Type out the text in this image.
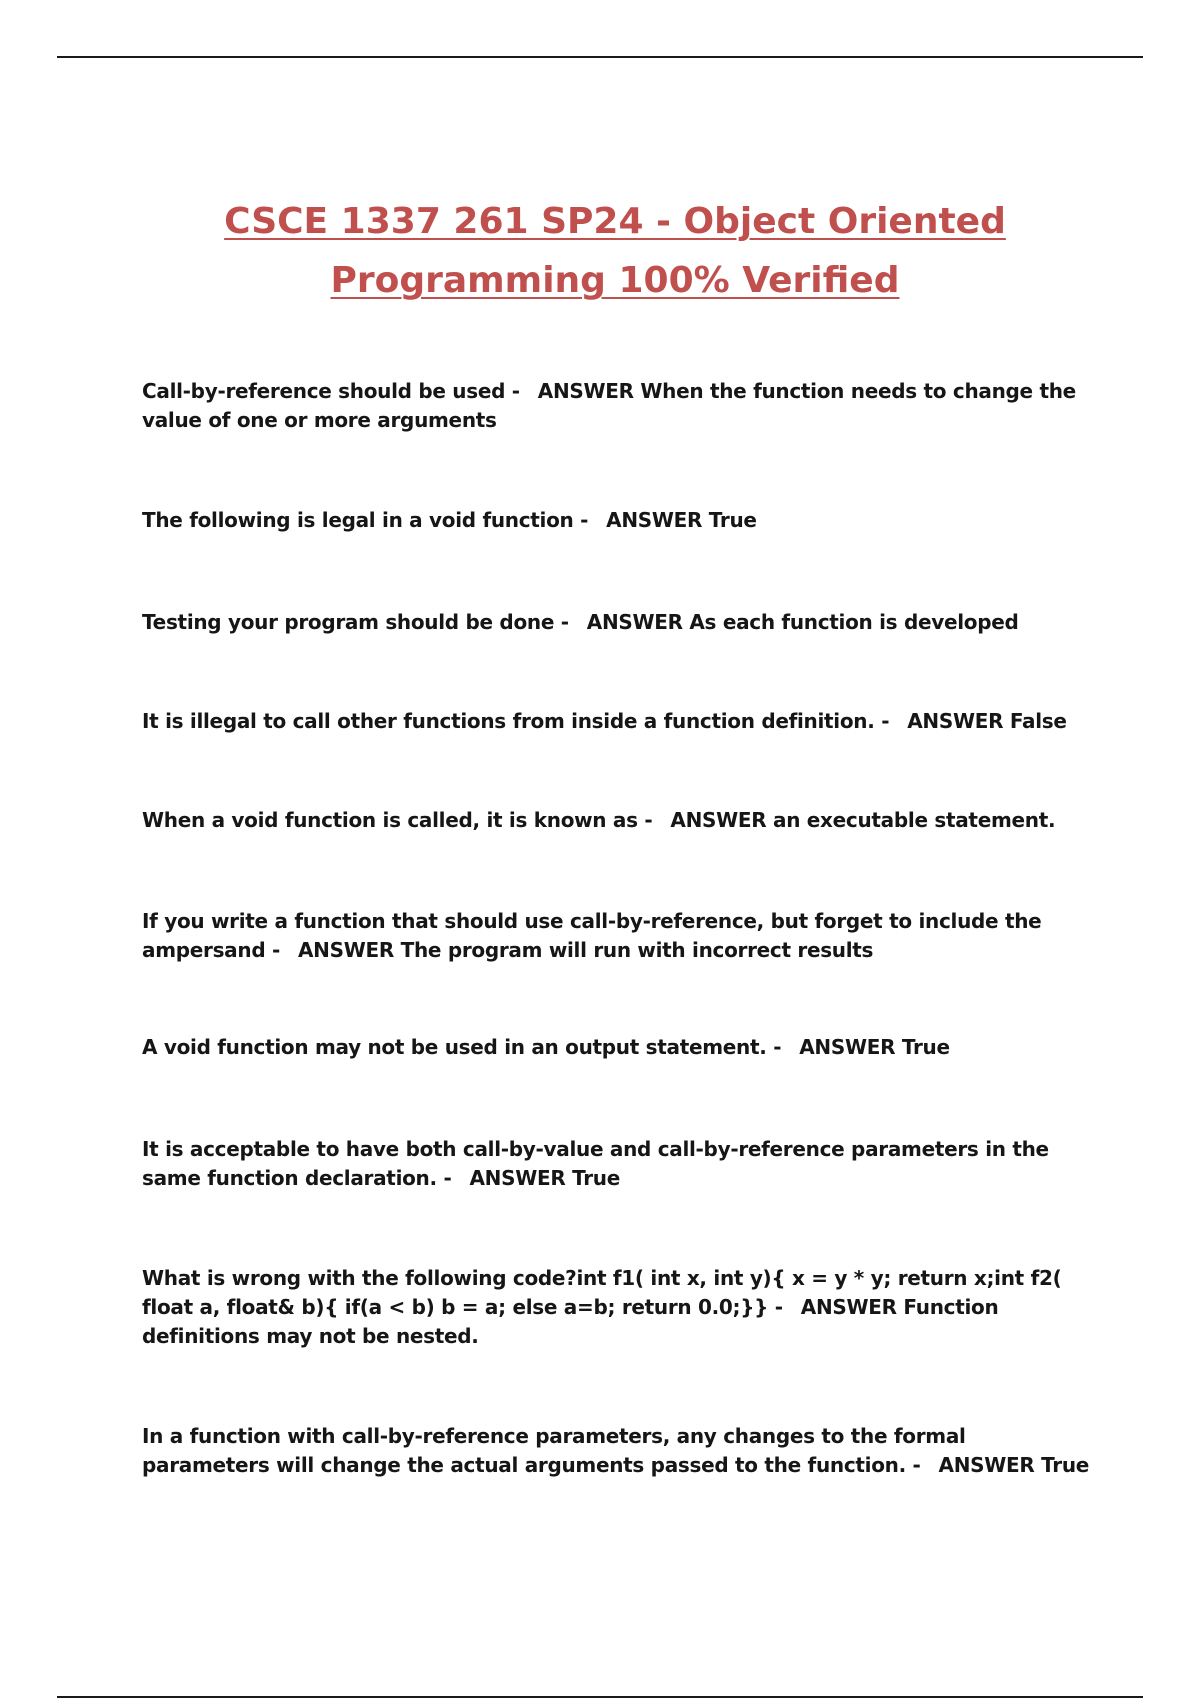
CSCE 1337 261 SP24 - Object Oriented
Programming 100% Verified
Call-by-reference should be used - ANSWER When the function needs to change the value of one or more arguments
The following is legal in a void function - ANSWER True
Testing your program should be done - ANSWER As each function is developed
It is illegal to call other functions from inside a function definition. - ANSWER False
When a void function is called, it is known as - ANSWER an executable statement.
If you write a function that should use call-by-reference, but forget to include the ampersand - ANSWER The program will run with incorrect results
A void function may not be used in an output statement. - ANSWER True
It is acceptable to have both call-by-value and call-by-reference parameters in the same function declaration. - ANSWER True
What is wrong with the following code?int f1( int x, int y){ x = y * y; return x;int f2( float a, float& b){ if(a < b) b = a; else a=b; return 0.0;}} - ANSWER Function definitions may not be nested.
In a function with call-by-reference parameters, any changes to the formal parameters will change the actual arguments passed to the function. - ANSWER True
